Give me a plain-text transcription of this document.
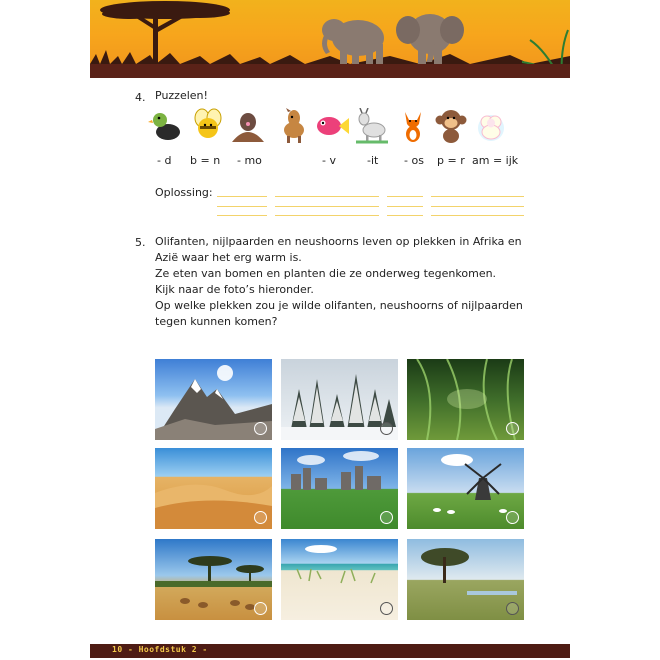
4. Puzzelen!
- d b = n - mo	- v	-it - os p = r am = ijk
Oplossing:
5. Olifanten, nijlpaarden en neushoorns leven op plekken in Afrika en
Azië waar het erg warm is.
Ze eten van bomen en planten die ze onderweg tegenkomen.
Kijk naar de foto’s hieronder.
Op welke plekken zou je wilde olifanten, neushoorns of nijlpaarden
tegen kunnen komen?
10 - Hoofdstuk 2 -
